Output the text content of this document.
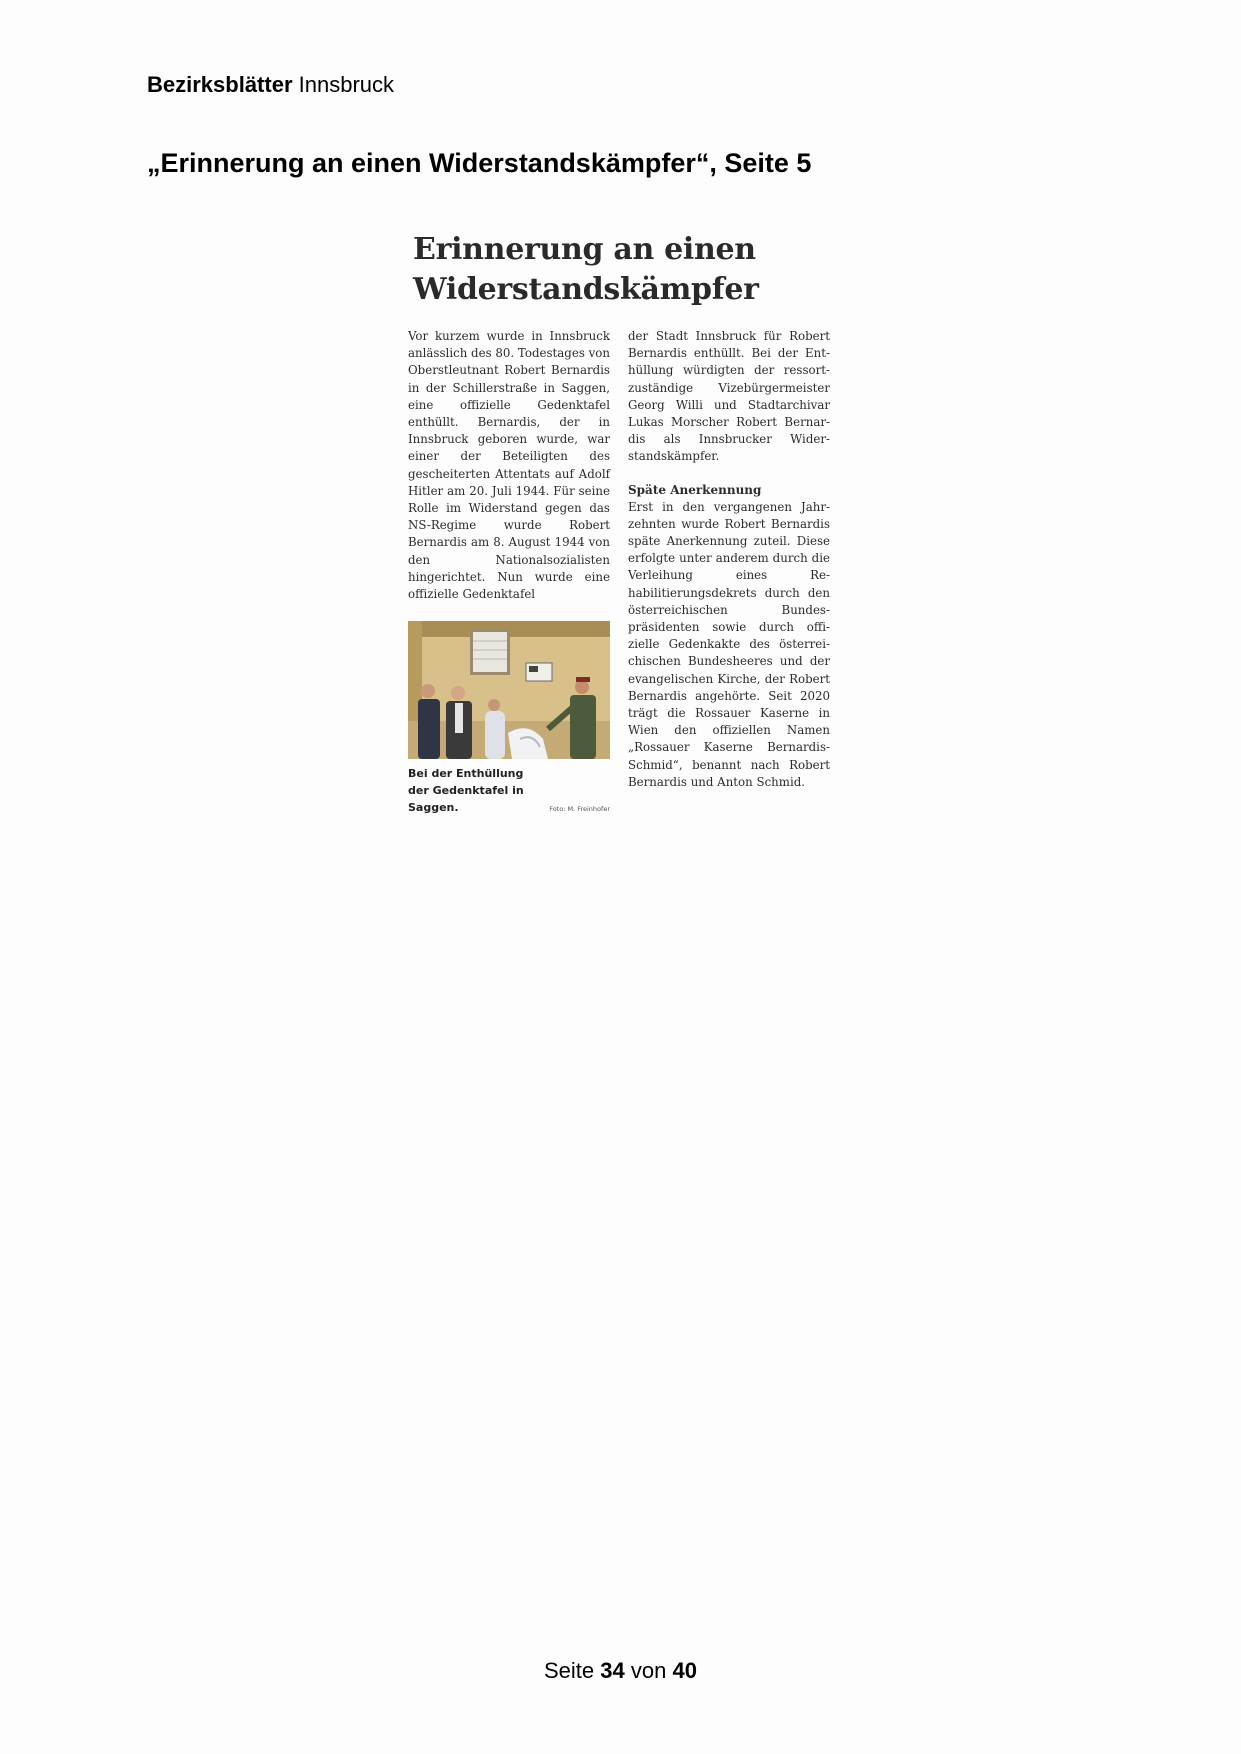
Bezirksblätter Innsbruck
„Erinnerung an einen Widerstandskämpfer“, Seite 5
Erinnerung an einen
Widerstandskämpfer

Vor kurzem wurde in Innsbruck anlässlich des 80. Todestages von Oberstleutnant Robert Bernardis in der Schillerstraße in Saggen, eine offizielle Gedenktafel enthüllt. Bernardis, der in Innsbruck geboren wurde, war einer der Beteiligten des gescheiterten Attentats auf Adolf Hitler am 20. Juli 1944. Für seine Rolle im Widerstand gegen das NS-Regime wurde Robert Bernardis am 8. August 1944 von den Nationalsozialisten hingerichtet. Nun wurde eine offizielle Gedenktafel

Bei der Enthüllung der Gedenktafel in Saggen.	Foto: M. Freinhofer

der Stadt Innsbruck für Robert Bernardis enthüllt. Bei der Enthüllung würdigten der ressortzuständige Vizebürgermeister Georg Willi und Stadtarchivar Lukas Morscher Robert Bernardis als Innsbrucker Widerstandskämpfer.

Späte Anerkennung

Erst in den vergangenen Jahrzehnten wurde Robert Bernardis späte Anerkennung zuteil. Diese erfolgte unter anderem durch die Verleihung eines Rehabilitierungsdekrets durch den österreichischen Bundespräsidenten sowie durch offizielle Gedenkakte des österreichischen Bundesheeres und der evangelischen Kirche, der Robert Bernardis angehörte. Seit 2020 trägt die Rossauer Kaserne in Wien den offiziellen Namen „Rossauer Kaserne Bernardis-Schmid“, benannt nach Robert Bernardis und Anton Schmid.

Seite 34 von 40
